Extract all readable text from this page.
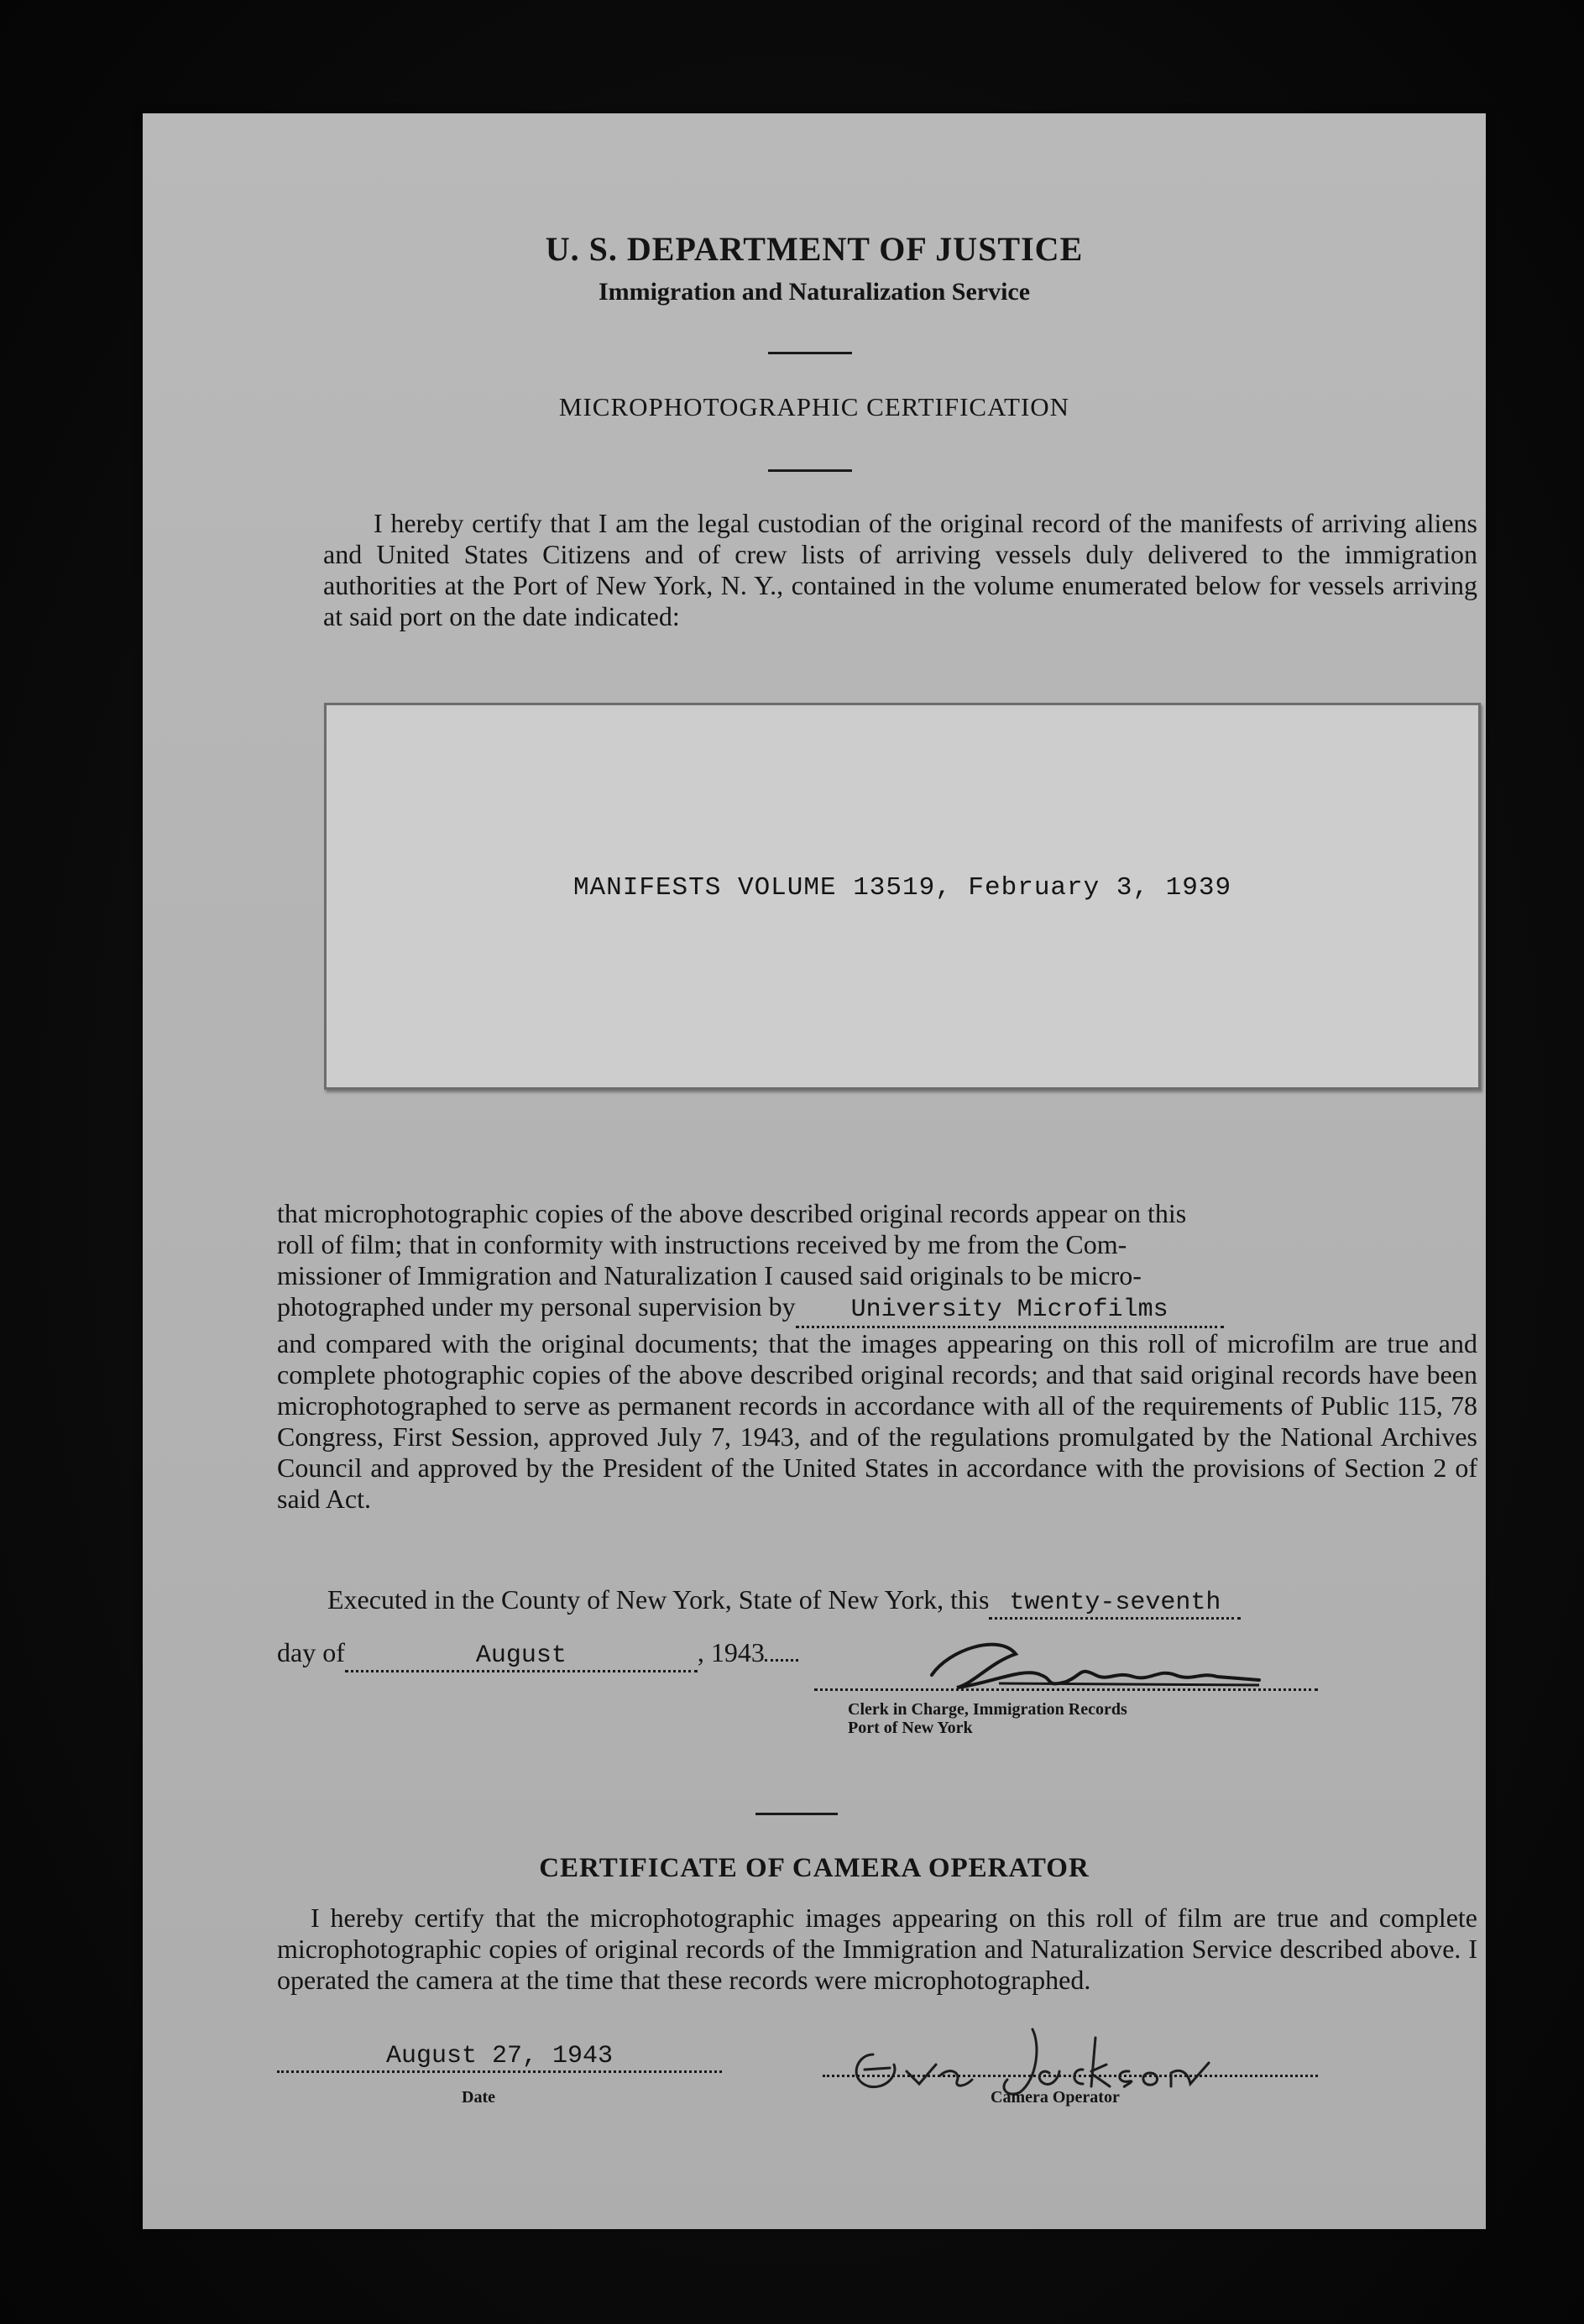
U. S. DEPARTMENT OF JUSTICE
Immigration and Naturalization Service
MICROPHOTOGRAPHIC CERTIFICATION
I hereby certify that I am the legal custodian of the original record of the manifests of arriving aliens and United States Citizens and of crew lists of arriving vessels duly delivered to the immigration authorities at the Port of New York, N. Y., contained in the volume enumerated below for vessels arriving at said port on the date indicated:
MANIFESTS VOLUME 13519, February 3, 1939
that microphotographic copies of the above described original records appear on this
roll of film; that in conformity with instructions received by me from the Com-
missioner of Immigration and Naturalization I caused said originals to be micro-
photographed under my personal supervision by University Microfilms
and compared with the original documents; that the images appearing on this roll of microfilm are true and complete photographic copies of the above described original records; and that said original records have been microphotographed to serve as permanent records in accordance with all of the requirements of Public 115, 78 Congress, First Session, approved July 7, 1943, and of the regulations promulgated by the National Archives Council and approved by the President of the United States in accordance with the provisions of Section 2 of said Act.
Executed in the County of New York, State of New York, this twenty-seventh
day of	August	, 1943
Clerk in Charge, Immigration Records
Port of New York
CERTIFICATE OF CAMERA OPERATOR
I hereby certify that the microphotographic images appearing on this roll of film are true and complete microphotographic copies of original records of the Immigration and Naturalization Service described above. I operated the camera at the time that these records were microphotographed.
August 27, 1943
Date	Camera Operator
